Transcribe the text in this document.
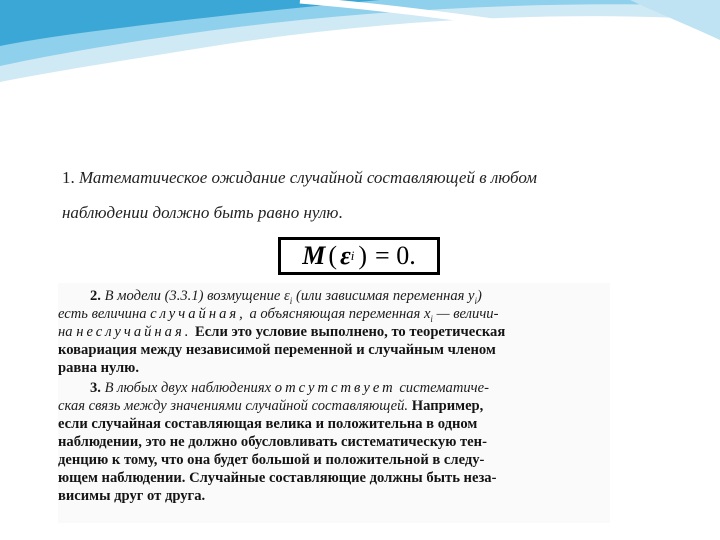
1. Математическое ожидание случайной составляющей в любом
наблюдении должно быть равно нулю.
M ( ε i ) = 0.

2. В модели (3.3.1) возмущение $\varepsilon_i$ (или зависимая переменная $y_i$)

есть величина случайная, а объясняющая переменная $x_i$ — величи-

на неслучайная. Если это условие выполнено, то теоретическая

ковариация между независимой переменной и случайным членом

равна нулю.

3. В любых двух наблюдениях отсутствует систематиче-

ская связь между значениями случайной составляющей. Например,

если случайная составляющая велика и положительна в одном

наблюдении, это не должно обусловливать систематическую тен-

денцию к тому, что она будет большой и положительной в следу-

ющем наблюдении. Случайные составляющие должны быть неза-

висимы друг от друга.
